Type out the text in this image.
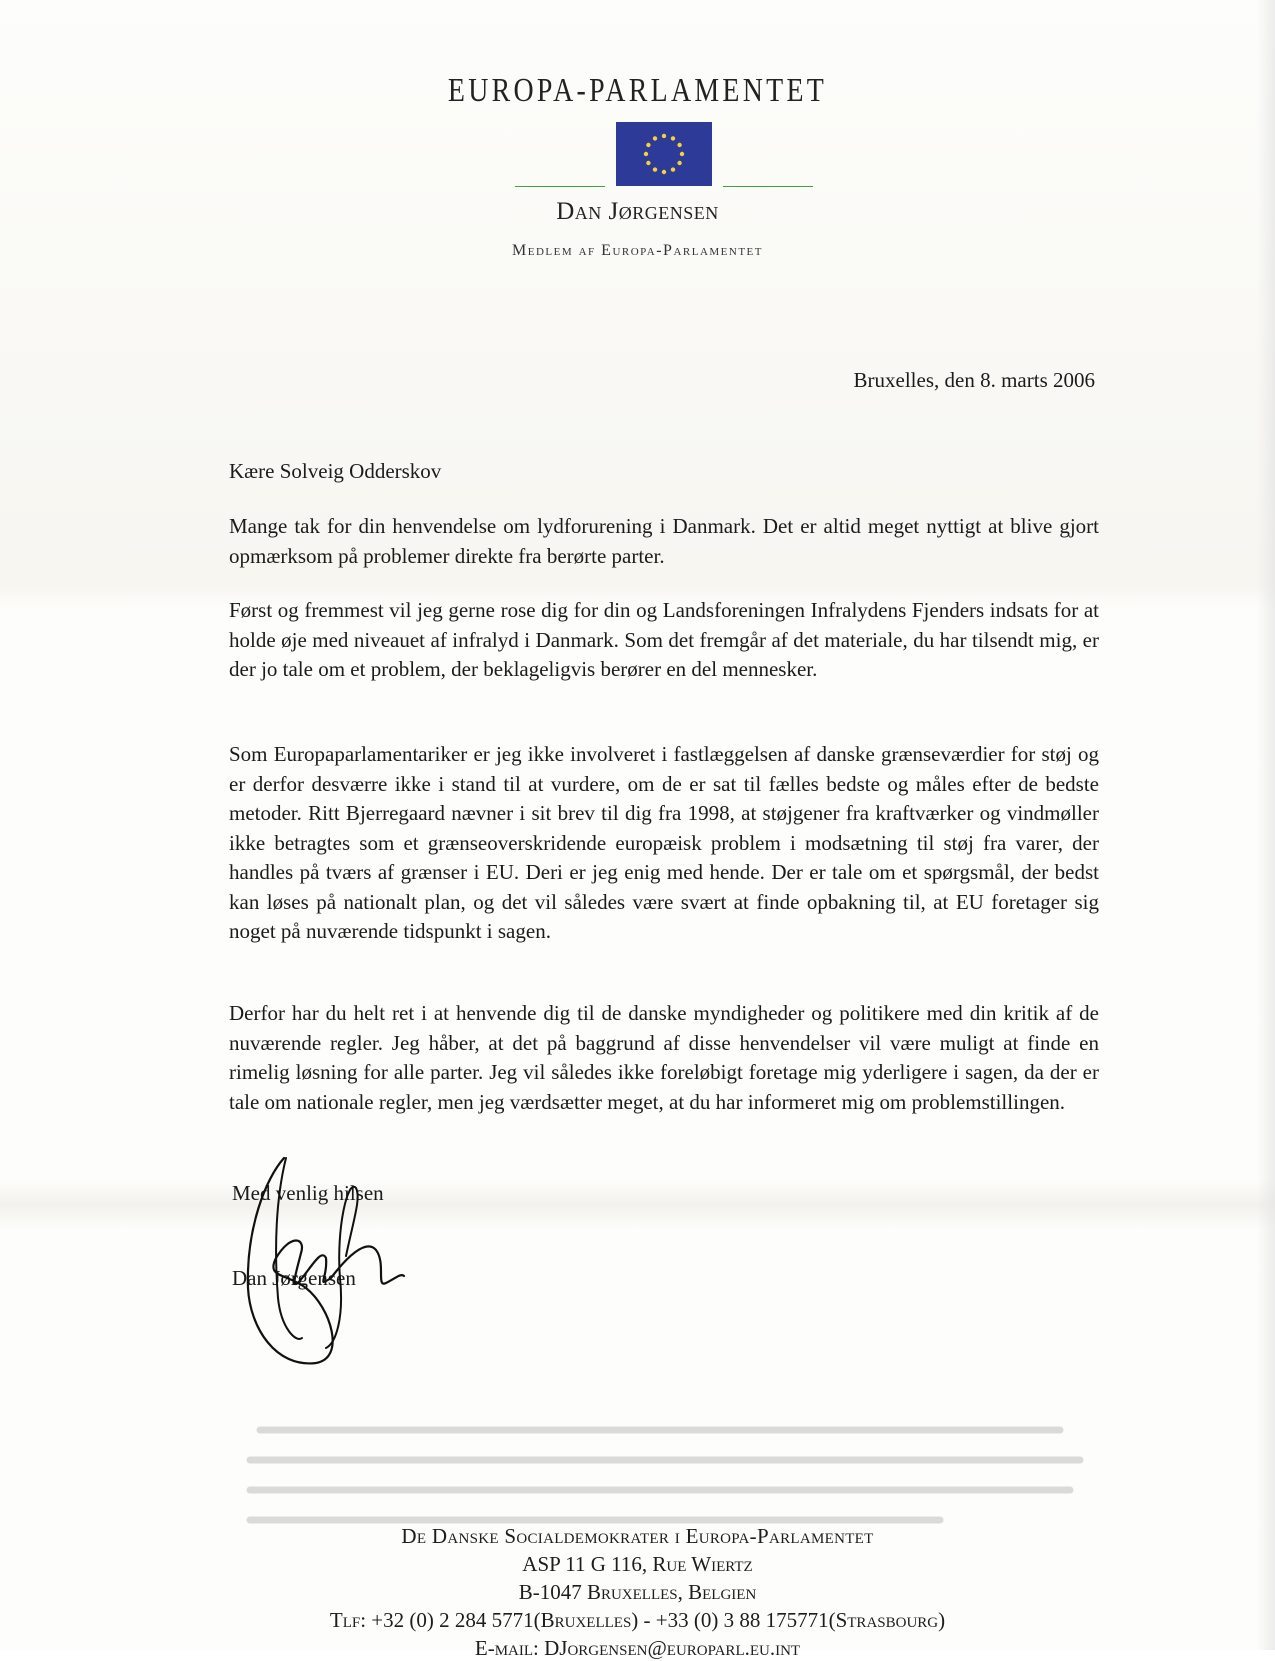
EUROPA-PARLAMENTET
Dan Jørgensen
Medlem af Europa-Parlamentet
Bruxelles, den 8. marts 2006
Kære Solveig Odderskov
Mange tak for din henvendelse om lydforurening i Danmark. Det er altid meget nyttigt at blive gjort opmærksom på problemer direkte fra berørte parter.
Først og fremmest vil jeg gerne rose dig for din og Landsforeningen Infralydens Fjenders indsats for at holde øje med niveauet af infralyd i Danmark. Som det fremgår af det materiale, du har tilsendt mig, er der jo tale om et problem, der beklageligvis berører en del mennesker.
Som Europaparlamentariker er jeg ikke involveret i fastlæggelsen af danske grænseværdier for støj og er derfor desværre ikke i stand til at vurdere, om de er sat til fælles bedste og måles efter de bedste metoder. Ritt Bjerregaard nævner i sit brev til dig fra 1998, at støjgener fra kraftværker og vindmøller ikke betragtes som et grænseoverskridende europæisk problem i modsætning til støj fra varer, der handles på tværs af grænser i EU. Deri er jeg enig med hende. Der er tale om et spørgsmål, der bedst kan løses på nationalt plan, og det vil således være svært at finde opbakning til, at EU foretager sig noget på nuværende tidspunkt i sagen.
Derfor har du helt ret i at henvende dig til de danske myndigheder og politikere med din kritik af de nuværende regler. Jeg håber, at det på baggrund af disse henvendelser vil være muligt at finde en rimelig løsning for alle parter. Jeg vil således ikke foreløbigt foretage mig yderligere i sagen, da der er tale om nationale regler, men jeg værdsætter meget, at du har informeret mig om problemstillingen.
Med venlig hilsen
Dan Jørgensen
De Danske Socialdemokrater i Europa-Parlamentet
ASP 11 G 116, Rue Wiertz
B-1047 Bruxelles, Belgien
Tlf: +32 (0) 2 284 5771(Bruxelles) - +33 (0) 3 88 175771(Strasbourg)
E-mail: DJorgensen@europarl.eu.int
